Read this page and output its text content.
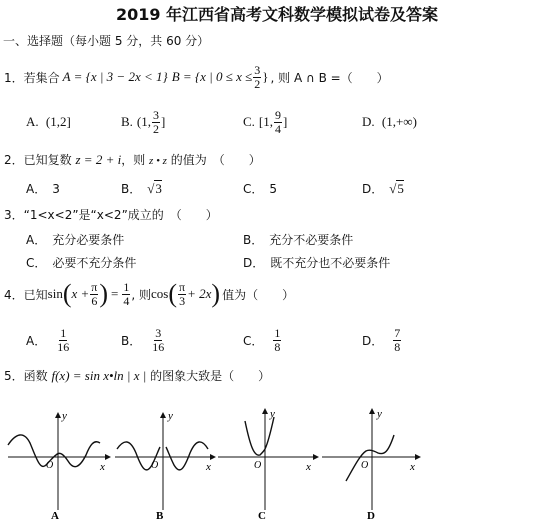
2019 年江西省高考文科数学模拟试卷及答案
一、选择题（每小题 5 分，共 60 分）
1． 若集合 A = {x | 3 − 2x < 1} B = {x | $0 \le x \le \frac{3}{2}$ } , 则 A ∩ B =（　　）
A. (1,2]	B. (1, $\frac{3}{2}$ ]	C. [1, $\frac{9}{4}$ ]	D. (1,+∞)
2．已知复数 z = 2 + i，则 z • z 的值为　（　　）
A． 3	B． √3	C． 5	D． √5
3．“1<x<2”是“x<2”成立的　（　　）
A． 充分必要条件	B． 充分不必要条件
C． 必要不充分条件	D． 既不充分也不必要条件
4． 已知 sin ( $x + \frac{\pi}{6}$ ) = $\frac{1}{4}$ , 则 cos ( $\frac{\pi}{3} + 2x$ ) 值为（　　）
A． $\frac{1}{16}$	B． $\frac{3}{16}$	C． $\frac{1}{8}$	D． $\frac{7}{8}$
5．函数 f(x) = sin x•ln | x | 的图象大致是（　　）
y
x
O
A
y
x
O
B
y
x
O
C
y
x
O
D
